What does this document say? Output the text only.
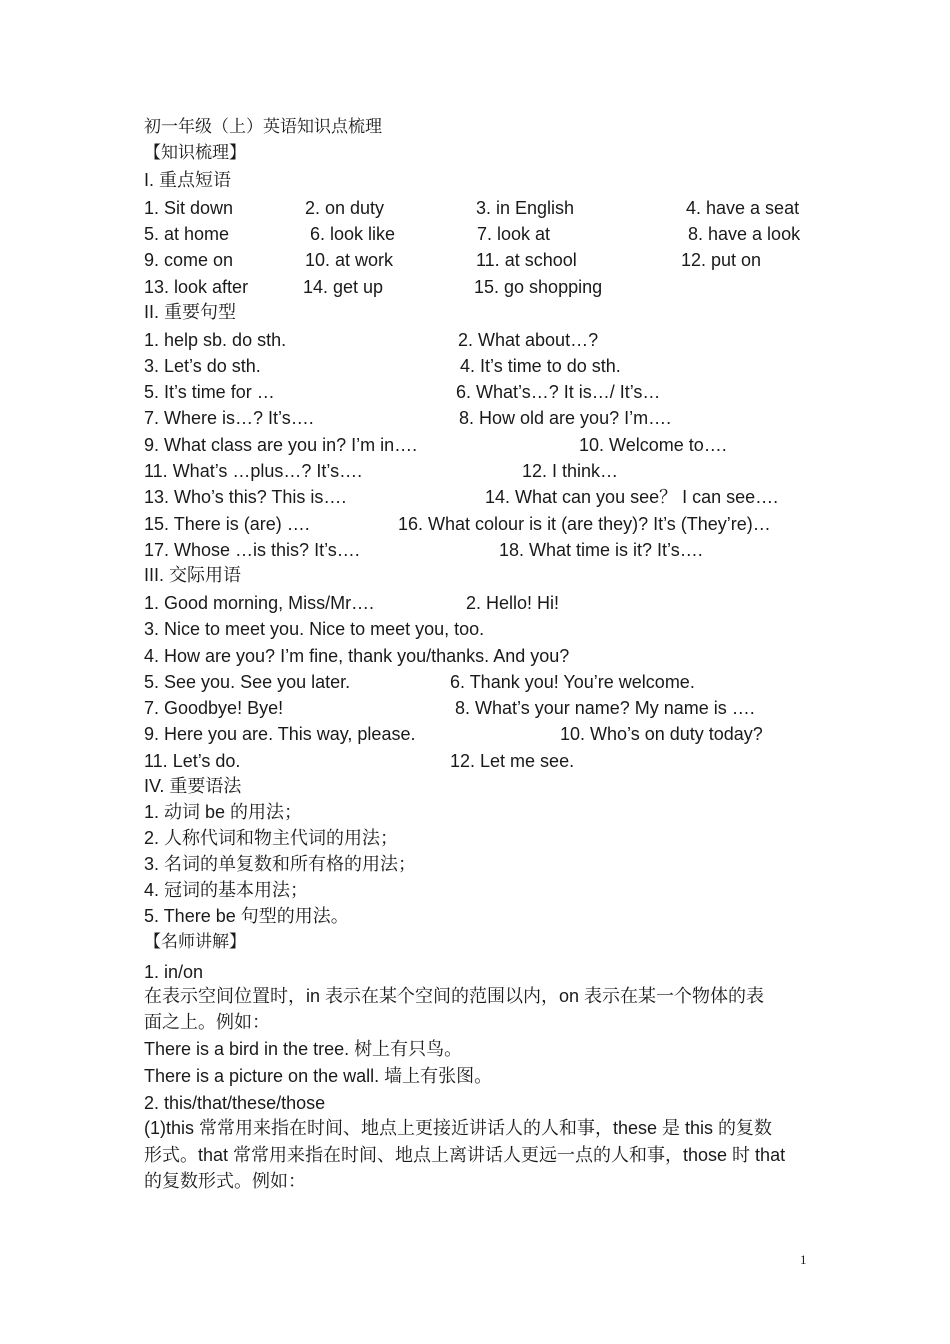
初一年级（上）英语知识点梳理
【知识梳理】
I. 重点短语
1. Sit down	2. on duty	3. in English	4. have a seat
5. at home	6. look like	7. look at	8. have a look
9. come on	10. at work	11. at school	12. put on
13. look after	14. get up	15. go shopping
II. 重要句型
1. help sb. do sth.	2. What about…?
3. Let’s do sth.	4. It’s time to do sth.
5. It’s time for …	6. What’s…? It is…/ It’s…
7. Where is…? It’s….	8. How old are you? I’m….
9. What class are you in? I’m in….	10. Welcome to….
11. What’s …plus…? It’s….	12. I think…
13. Who’s this? This is….	14. What can you see？ I can see….
15. There is (are) ….	16. What colour is it (are they)? It’s (They’re)…
17. Whose …is this? It’s….	18. What time is it? It’s….
III. 交际用语
1. Good morning, Miss/Mr….	2. Hello! Hi!
3. Nice to meet you. Nice to meet you, too.
4. How are you? I’m fine, thank you/thanks. And you?
5. See you. See you later.	6. Thank you! You’re welcome.
7. Goodbye! Bye!	8. What’s your name? My name is ….
9. Here you are. This way, please.	10. Who’s on duty today?
11. Let’s do.	12. Let me see.
IV. 重要语法
1. 动词 be 的用法；
2. 人称代词和物主代词的用法；
3. 名词的单复数和所有格的用法；
4. 冠词的基本用法；
5. There be 句型的用法。
【名师讲解】
1. in/on
在表示空间位置时，in 表示在某个空间的范围以内，on 表示在某一个物体的表
面之上。例如：
There is a bird in the tree. 树上有只鸟。
There is a picture on the wall. 墙上有张图。
2. this/that/these/those
(1)this 常常用来指在时间、地点上更接近讲话人的人和事，these 是 this 的复数
形式。that 常常用来指在时间、地点上离讲话人更远一点的人和事，those 时 that
的复数形式。例如：
1
